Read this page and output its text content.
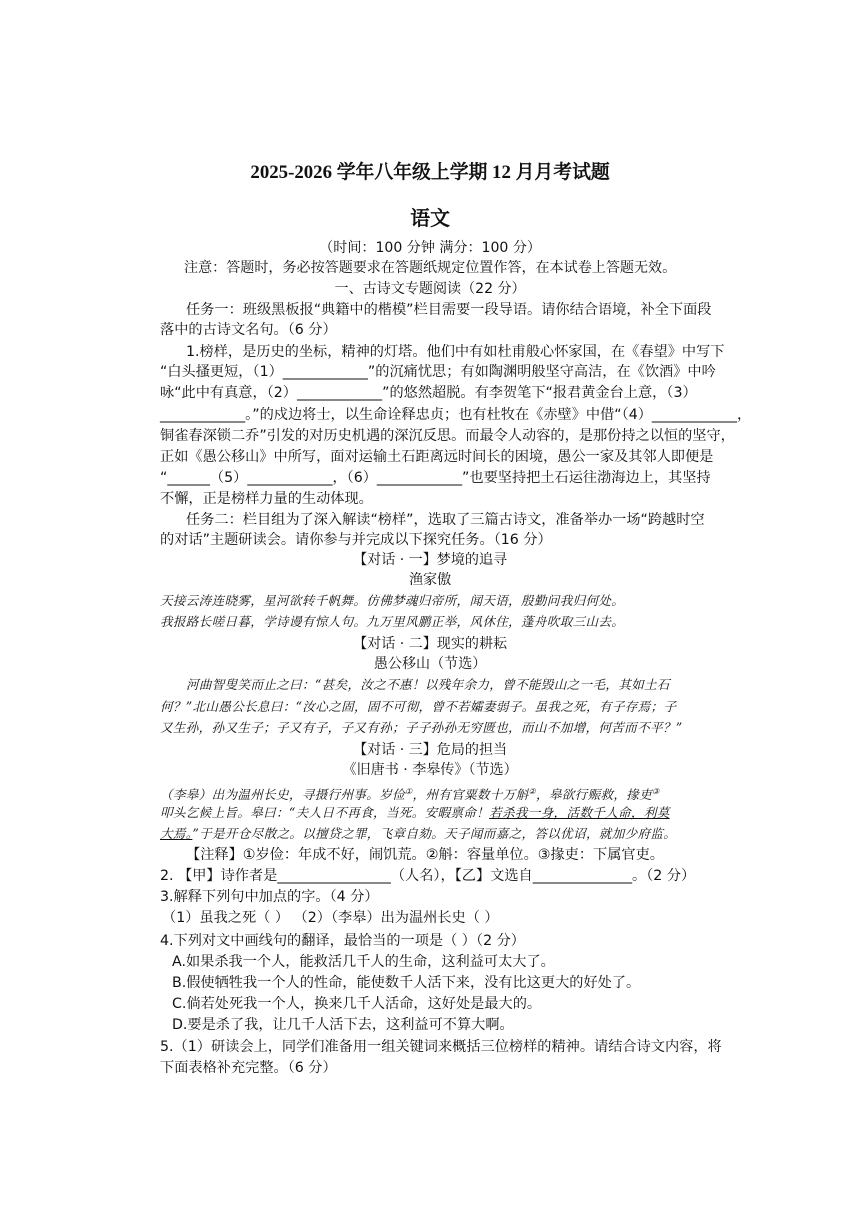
2025-2026 学年八年级上学期 12 月月考试题
语文
（时间：100 分钟 满分：100 分）
注意：答题时，务必按答题要求在答题纸规定位置作答，在本试卷上答题无效。
一、古诗文专题阅读（22 分）
任务一：班级黑板报“典籍中的楷模”栏目需要一段导语。请你结合语境，补全下面段
落中的古诗文名句。（6 分）
1.榜样，是历史的坐标，精神的灯塔。他们中有如杜甫般心怀家国，在《春望》中写下
“白头搔更短，（1）____________”的沉痛忧思；有如陶渊明般坚守高洁，在《饮酒》中吟
咏“此中有真意，（2）____________”的悠然超脱。有李贺笔下“报君黄金台上意，（3）
____________。”的戍边将士，以生命诠释忠贞；也有杜牧在《赤壁》中借“（4）____________，
铜雀春深锁二乔”引发的对历史机遇的深沉反思。而最令人动容的，是那份持之以恒的坚守，
正如《愚公移山》中所写，面对运输土石距离远时间长的困境，愚公一家及其邻人即便是
“______（5）____________，（6）____________”也要坚持把土石运往渤海边上，其坚持
不懈，正是榜样力量的生动体现。
任务二：栏目组为了深入解读“榜样”，选取了三篇古诗文，准备举办一场“跨越时空
的对话”主题研读会。请你参与并完成以下探究任务。（16 分）
【对话 · 一】梦境的追寻
渔家傲
天接云涛连晓雾，星河欲转千帆舞。仿佛梦魂归帝所，闻天语，殷勤问我归何处。
我报路长嗟日暮，学诗谩有惊人句。九万里风鹏正举，风休住，蓬舟吹取三山去。
【对话 · 二】现实的耕耘
愚公移山（节选）
河曲智叟笑而止之曰：“甚矣，汝之不惠！以残年余力，曾不能毁山之一毛，其如土石
何？”北山愚公长息曰：“汝心之固，固不可彻，曾不若孀妻弱子。虽我之死，有子存焉；子
又生孙，孙又生子；子又有子，子又有孙；子子孙孙无穷匮也，而山不加增，何苦而不平？”
【对话 · 三】危局的担当
《旧唐书 · 李皋传》（节选）
（李皋）出为温州长史，寻摄行州事。岁俭①，州有官粟数十万斛②，皋欲行赈救，掾吏③
叩头乞候上旨。皋曰：“夫人日不再食，当死。安暇禀命！若杀我一身，活数千人命，利莫
大焉。”于是开仓尽散之。以擅贷之罪，飞章自劾。天子闻而嘉之，答以优诏，就加少府监。
【注释】①岁俭：年成不好，闹饥荒。②斛：容量单位。③掾吏：下属官吏。
2. 【甲】诗作者是________________（人名），【乙】文选自______________。（2 分）
3.解释下列句中加点的字。（4 分）
（1）虽我之死（ ） （2）（李皋）出为温州长史（ ）
4.下列对文中画线句的翻译，最恰当的一项是（ ）（2 分）
A.如果杀我一个人，能救活几千人的生命，这利益可太大了。
B.假使牺牲我一个人的性命，能使数千人活下来，没有比这更大的好处了。
C.倘若处死我一个人，换来几千人活命，这好处是最大的。
D.要是杀了我，让几千人活下去，这利益可不算大啊。
5.（1）研读会上，同学们准备用一组关键词来概括三位榜样的精神。请结合诗文内容，将
下面表格补充完整。（6 分）
